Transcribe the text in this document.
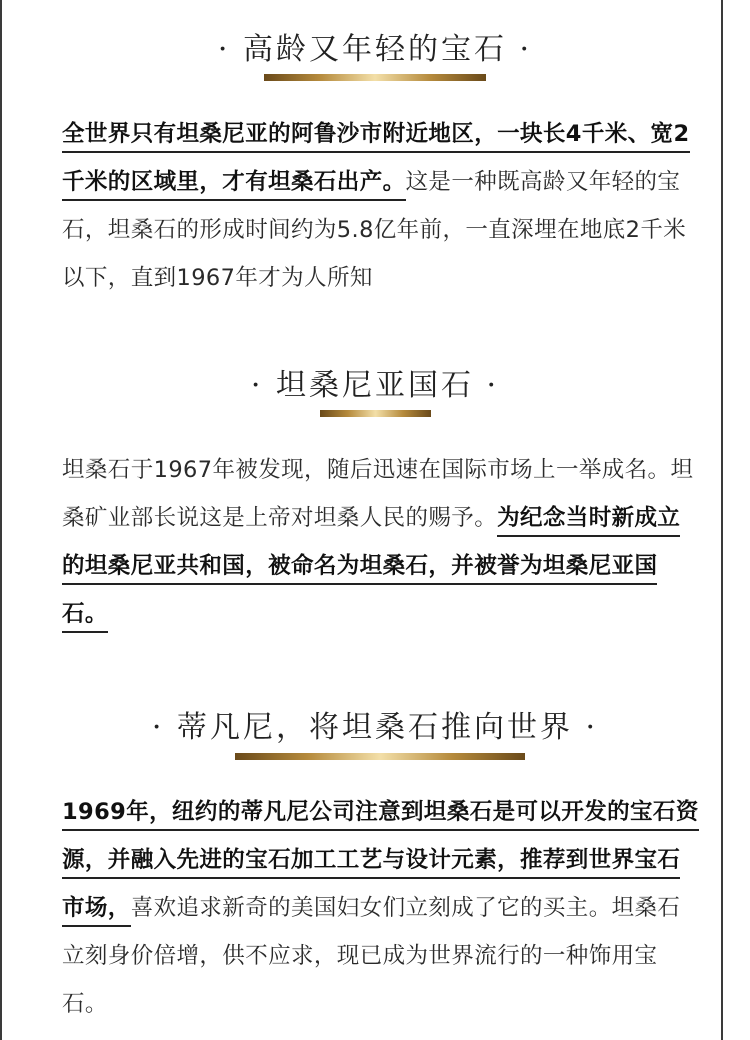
· 高龄又年轻的宝石 ·
全世界只有坦桑尼亚的阿鲁沙市附近地区，一块长4千米、宽2千米的区域里，才有坦桑石出产。这是一种既高龄又年轻的宝石，坦桑石的形成时间约为5.8亿年前，一直深埋在地底2千米以下，直到1967年才为人所知
· 坦桑尼亚国石 ·
坦桑石于1967年被发现，随后迅速在国际市场上一举成名。坦桑矿业部长说这是上帝对坦桑人民的赐予。为纪念当时新成立的坦桑尼亚共和国，被命名为坦桑石，并被誉为坦桑尼亚国石。
· 蒂凡尼，将坦桑石推向世界 ·
1969年，纽约的蒂凡尼公司注意到坦桑石是可以开发的宝石资源，并融入先进的宝石加工工艺与设计元素，推荐到世界宝石市场，喜欢追求新奇的美国妇女们立刻成了它的买主。坦桑石立刻身价倍增，供不应求，现已成为世界流行的一种饰用宝石。
